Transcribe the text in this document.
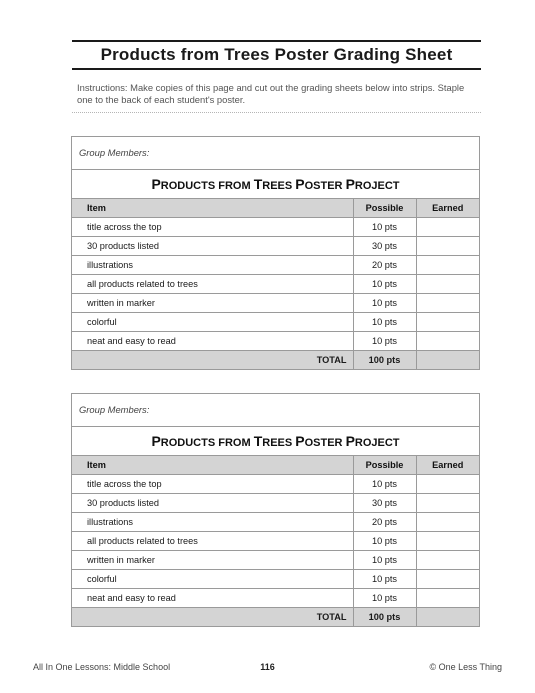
Products from Trees Poster Grading Sheet
Instructions: Make copies of this page and cut out the grading sheets below into strips. Staple one to the back of each student's poster.
Group Members:
PRODUCTS FROM TREES POSTER PROJECT
Item	Possible	Earned
title across the top	10 pts	
30 products listed	30 pts	
illustrations	20 pts	
all products related to trees	10 pts	
written in marker	10 pts	
colorful	10 pts	
neat and easy to read	10 pts	
TOTAL	100 pts	
Group Members:
PRODUCTS FROM TREES POSTER PROJECT
Item	Possible	Earned
title across the top	10 pts	
30 products listed	30 pts	
illustrations	20 pts	
all products related to trees	10 pts	
written in marker	10 pts	
colorful	10 pts	
neat and easy to read	10 pts	
TOTAL	100 pts	
All In One Lessons: Middle School	116	© One Less Thing
